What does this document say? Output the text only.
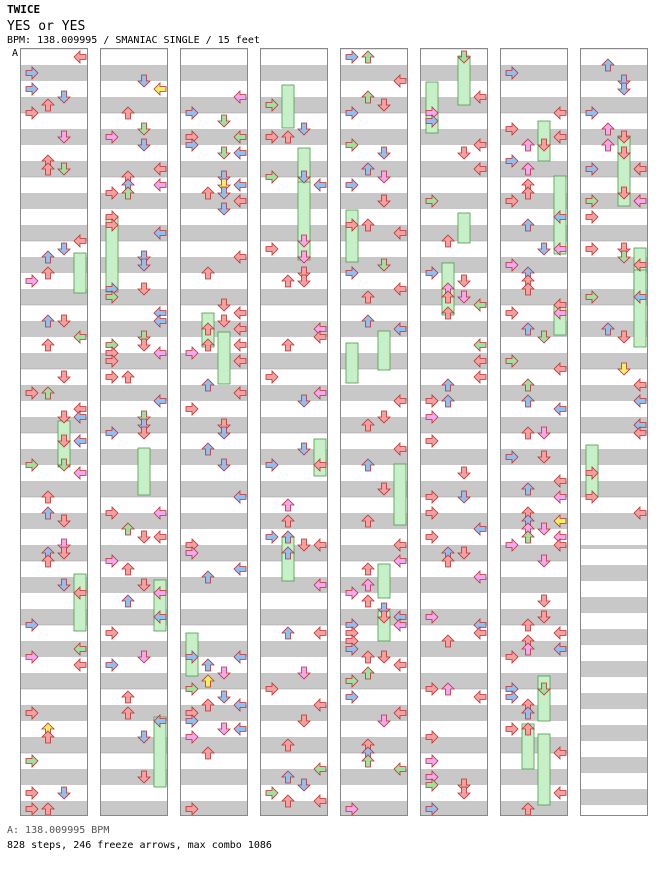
TWICE
YES or YES
BPM: 138.009995 / SMANIAC SINGLE / 15 feet
A
A: 138.009995 BPM
828 steps, 246 freeze arrows, max combo 1086
